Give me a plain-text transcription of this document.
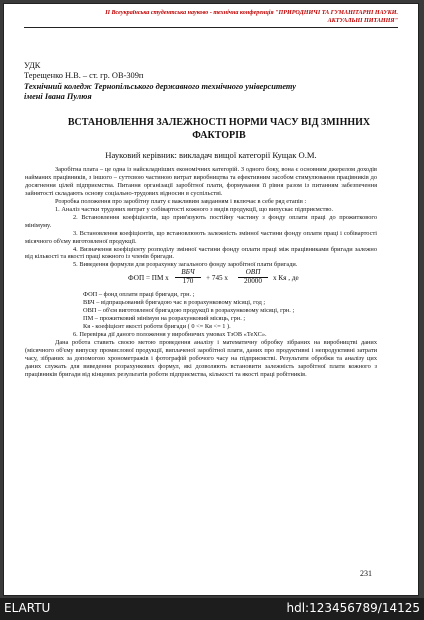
ІІ Всеукраїнська студентська науково - технічна конференція "ПРИРОДНИЧІ ТА ГУМАНІТАРНІ НАУКИ.
АКТУАЛЬНІ ПИТАННЯ"
УДК
Терещенко Н.В. – ст. гр. ОВ-309п
Технічний коледж Тернопільського державного технічного університету
імені Івана Пулюя
ВСТАНОВЛЕННЯ ЗАЛЕЖНОСТІ НОРМИ ЧАСУ ВІД ЗМІННИХ
ФАКТОРІВ
Науковий керівник: викладач вищої категорії Кущак О.М.

Заробітна плата – це одна із найскладніших економічних категорій. З одного боку, вона є основним джерелом доходів найманих працівників, з іншого – суттєвою частиною витрат виробництва та ефективним засобом стимулювання працівників до досягнення цілей підприємства. Питання організації заробітної плати, формування її рівня разом із питанням забезпечення зайнятості складають основу соціально-трудових відносин в суспільстві.

Розробка положення про заробітну плату є важливим завданням і включає в себе ряд етапів :

1. Аналіз частки трудових витрат у собівартості кожного з видів продукції, що випускає підприємство.

2. Встановлення коефіцієнтів, що прив'язують постійну частину з фонду оплати праці до прожиткового мінімуму.

3. Встановлення коефіцієнтів, що встановлюють залежність змінної частини фонду оплати праці і собівартості місячного об'єму виготовленої продукції.

4. Визначення коефіцієнту розподілу змінної частини фонду оплати праці між працівниками бригади залежно від кількості та якості праці кожного із членів бригади.

5. Виведення формули для розрахунку загального фонду заробітної плати бригади.

ФОП = ПМ х
ВБЧ
170	+ 745 х
ОВП
20000	х Кя , де
ФОП – фонд оплати праці бригади, грн. ;
ВБЧ – відпрацьований бригадою час в розрахунковому місяці, год ;
ОВП – об'єм виготовленої бригадою продукції в розрахунковому місяці, грн. ;
ПМ – прожитковий мінімум на розрахунковий місяць, грн. ;
Кя - коефіцієнт якості роботи бригади ( 0 <= Кя <= 1 ).

6. Перевірка дії даного положення у виробничих умовах ТзОВ «ТеХС».

Дана робота ставить своєю метою проведення аналізу і математичну обробку зібраних на виробництві даних (місячного об'єму випуску промислової продукції, виплаченої заробітної плати, даних про продуктивні і непродуктивні затрати часу, зібраних за допомогою хронометражів і фотографій робочого часу на підприємстві. Результати обробки та аналізу цих даних служать для виведення розрахункових формул, які дозволяють встановити залежність заробітної плати кожного з працівників бригади від кінцевих результатів роботи підприємства, кількості та якості праці робітників.

231
ELARTU	hdl:123456789/14125
